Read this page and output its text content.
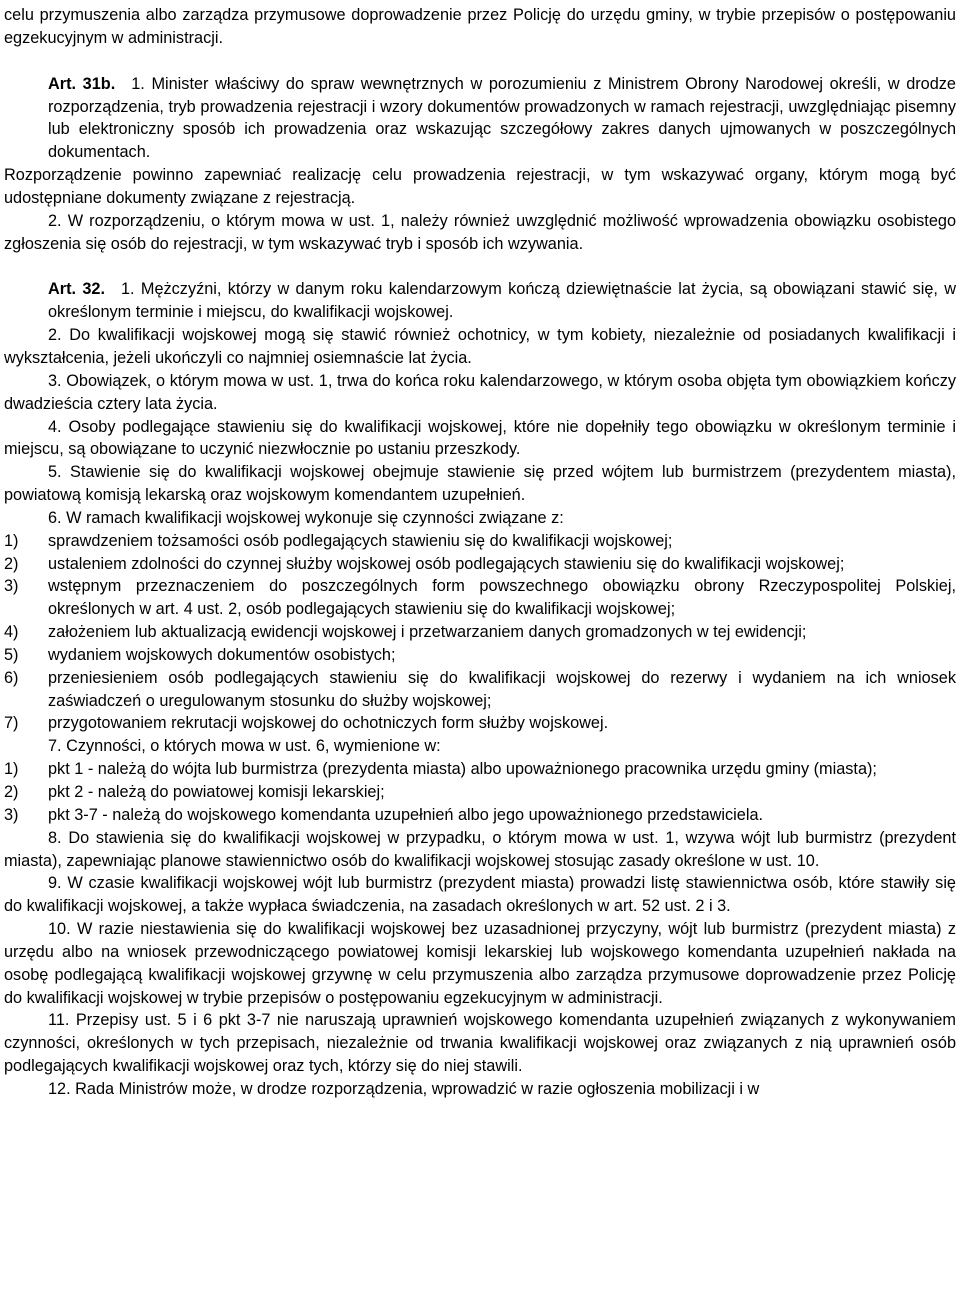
celu przymuszenia albo zarządza przymusowe doprowadzenie przez Policję do urzędu gminy, w trybie przepisów o postępowaniu egzekucyjnym w administracji.

Art. 31b. 1. Minister właściwy do spraw wewnętrznych w porozumieniu z Ministrem Obrony Narodowej określi, w drodze rozporządzenia, tryb prowadzenia rejestracji i wzory dokumentów prowadzonych w ramach rejestracji, uwzględniając pisemny lub elektroniczny sposób ich prowadzenia oraz wskazując szczegółowy zakres danych ujmowanych w poszczególnych dokumentach.

Rozporządzenie powinno zapewniać realizację celu prowadzenia rejestracji, w tym wskazywać organy, którym mogą być udostępniane dokumenty związane z rejestracją.

2. W rozporządzeniu, o którym mowa w ust. 1, należy również uwzględnić możliwość wprowadzenia obowiązku osobistego zgłoszenia się osób do rejestracji, w tym wskazywać tryb i sposób ich wzywania.

Art. 32. 1. Mężczyźni, którzy w danym roku kalendarzowym kończą dziewiętnaście lat życia, są obowiązani stawić się, w określonym terminie i miejscu, do kwalifikacji wojskowej.

2. Do kwalifikacji wojskowej mogą się stawić również ochotnicy, w tym kobiety, niezależnie od posiadanych kwalifikacji i wykształcenia, jeżeli ukończyli co najmniej osiemnaście lat życia.

3. Obowiązek, o którym mowa w ust. 1, trwa do końca roku kalendarzowego, w którym osoba objęta tym obowiązkiem kończy dwadzieścia cztery lata życia.

4. Osoby podlegające stawieniu się do kwalifikacji wojskowej, które nie dopełniły tego obowiązku w określonym terminie i miejscu, są obowiązane to uczynić niezwłocznie po ustaniu przeszkody.

5. Stawienie się do kwalifikacji wojskowej obejmuje stawienie się przed wójtem lub burmistrzem (prezydentem miasta), powiatową komisją lekarską oraz wojskowym komendantem uzupełnień.

6. W ramach kwalifikacji wojskowej wykonuje się czynności związane z:

1)	sprawdzeniem tożsamości osób podlegających stawieniu się do kwalifikacji wojskowej;
2)	ustaleniem zdolności do czynnej służby wojskowej osób podlegających stawieniu się do kwalifikacji wojskowej;
3)	wstępnym przeznaczeniem do poszczególnych form powszechnego obowiązku obrony Rzeczypospolitej Polskiej, określonych w art. 4 ust. 2, osób podlegających stawieniu się do kwalifikacji wojskowej;
4)	założeniem lub aktualizacją ewidencji wojskowej i przetwarzaniem danych gromadzonych w tej ewidencji;
5)	wydaniem wojskowych dokumentów osobistych;
6)	przeniesieniem osób podlegających stawieniu się do kwalifikacji wojskowej do rezerwy i wydaniem na ich wniosek zaświadczeń o uregulowanym stosunku do służby wojskowej;
7)	przygotowaniem rekrutacji wojskowej do ochotniczych form służby wojskowej.

7. Czynności, o których mowa w ust. 6, wymienione w:

1)	pkt 1 - należą do wójta lub burmistrza (prezydenta miasta) albo upoważnionego pracownika urzędu gminy (miasta);
2)	pkt 2 - należą do powiatowej komisji lekarskiej;
3)	pkt 3-7 - należą do wojskowego komendanta uzupełnień albo jego upoważnionego przedstawiciela.

8. Do stawienia się do kwalifikacji wojskowej w przypadku, o którym mowa w ust. 1, wzywa wójt lub burmistrz (prezydent miasta), zapewniając planowe stawiennictwo osób do kwalifikacji wojskowej stosując zasady określone w ust. 10.

9. W czasie kwalifikacji wojskowej wójt lub burmistrz (prezydent miasta) prowadzi listę stawiennictwa osób, które stawiły się do kwalifikacji wojskowej, a także wypłaca świadczenia, na zasadach określonych w art. 52 ust. 2 i 3.

10. W razie niestawienia się do kwalifikacji wojskowej bez uzasadnionej przyczyny, wójt lub burmistrz (prezydent miasta) z urzędu albo na wniosek przewodniczącego powiatowej komisji lekarskiej lub wojskowego komendanta uzupełnień nakłada na osobę podlegającą kwalifikacji wojskowej grzywnę w celu przymuszenia albo zarządza przymusowe doprowadzenie przez Policję do kwalifikacji wojskowej w trybie przepisów o postępowaniu egzekucyjnym w administracji.

11. Przepisy ust. 5 i 6 pkt 3-7 nie naruszają uprawnień wojskowego komendanta uzupełnień związanych z wykonywaniem czynności, określonych w tych przepisach, niezależnie od trwania kwalifikacji wojskowej oraz związanych z nią uprawnień osób podlegających kwalifikacji wojskowej oraz tych, którzy się do niej stawili.

12. Rada Ministrów może, w drodze rozporządzenia, wprowadzić w razie ogłoszenia mobilizacji i w
